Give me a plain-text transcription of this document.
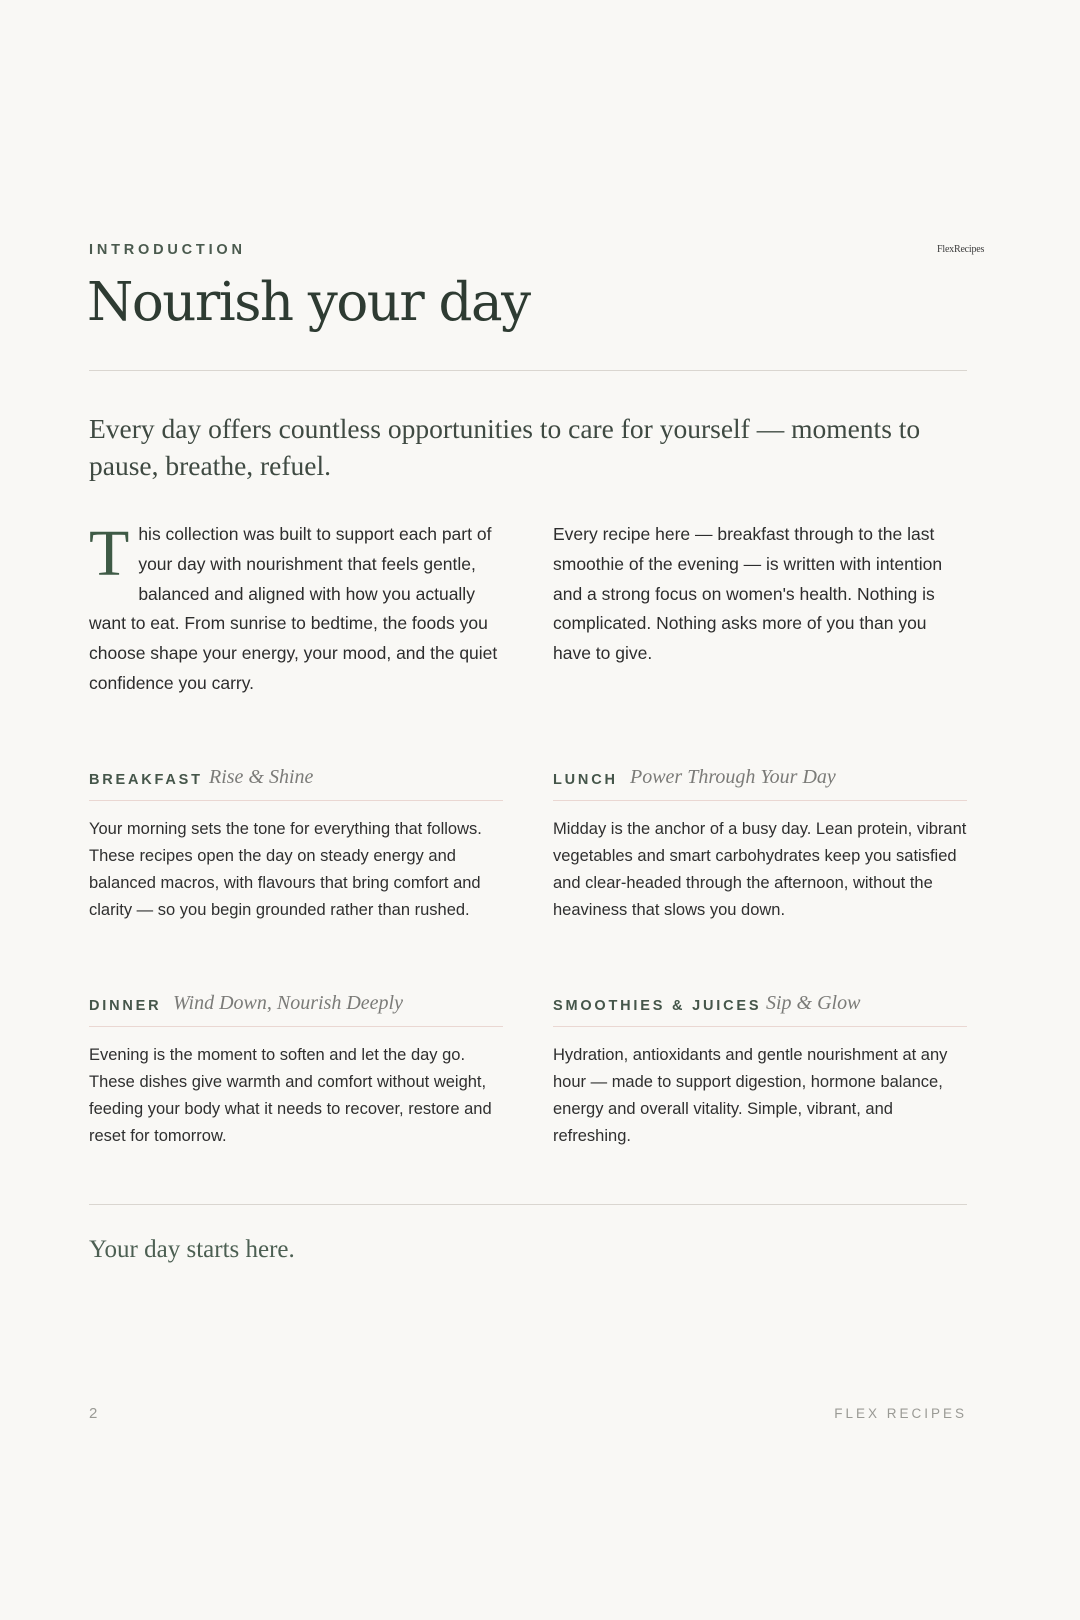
FlexRecipes
INTRODUCTION
Nourish your day

Every day offers countless opportunities to care for yourself — moments to pause, breathe, refuel.

This collection was built to support each part of your day with nourishment that feels gentle, balanced and aligned with how you actually want to eat. From sunrise to bedtime, the foods you choose shape your energy, your mood, and the quiet confidence you carry.

Every recipe here — breakfast through to the last smoothie of the evening — is written with intention and a strong focus on women's health. Nothing is complicated. Nothing asks more of you than you have to give.

BREAKFAST Rise & Shine

Your morning sets the tone for everything that follows. These recipes open the day on steady energy and balanced macros, with flavours that bring comfort and clarity — so you begin grounded rather than rushed.

LUNCH Power Through Your Day

Midday is the anchor of a busy day. Lean protein, vibrant vegetables and smart carbohydrates keep you satisfied and clear-headed through the afternoon, without the heaviness that slows you down.

DINNER Wind Down, Nourish Deeply

Evening is the moment to soften and let the day go. These dishes give warmth and comfort without weight, feeding your body what it needs to recover, restore and reset for tomorrow.

SMOOTHIES & JUICES Sip & Glow

Hydration, antioxidants and gentle nourishment at any hour — made to support digestion, hormone balance, energy and overall vitality. Simple, vibrant, and refreshing.

Your day starts here.

2	FLEX RECIPES
